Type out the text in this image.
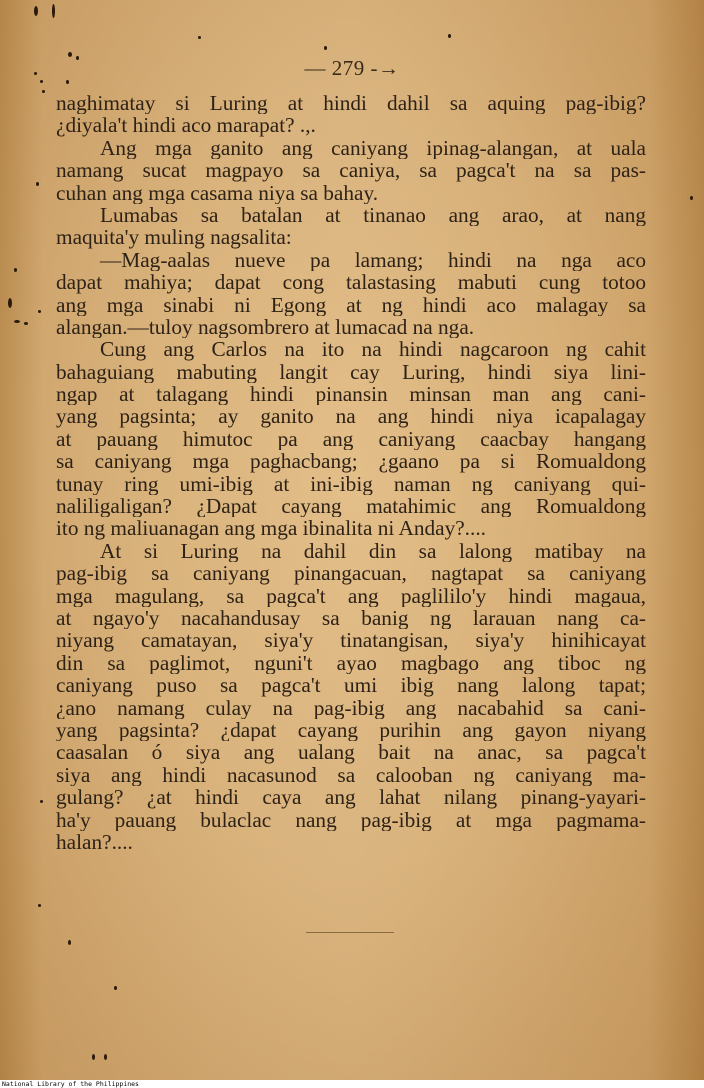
— 279 -→
naghimatay si Luring at hindi dahil sa aquing pag-ibig?
¿diyala't hindi aco marapat? .,.
Ang mga ganito ang caniyang ipinag-alangan, at uala
namang sucat magpayo sa caniya, sa pagca't na sa pas-
cuhan ang mga casama niya sa bahay.
Lumabas sa batalan at tinanao ang arao, at nang
maquita'y muling nagsalita:
—Mag-aalas nueve pa lamang; hindi na nga aco
dapat mahiya; dapat cong talastasing mabuti cung totoo
ang mga sinabi ni Egong at ng hindi aco malagay sa
alangan.—tuloy nagsombrero at lumacad na nga.
Cung ang Carlos na ito na hindi nagcaroon ng cahit
bahaguiang mabuting langit cay Luring, hindi siya lini-
ngap at talagang hindi pinansin minsan man ang cani-
yang pagsinta; ay ganito na ang hindi niya icapalagay
at pauang himutoc pa ang caniyang caacbay hangang
sa caniyang mga paghacbang; ¿gaano pa si Romualdong
tunay ring umi-ibig at ini-ibig naman ng caniyang qui-
naliligaligan? ¿Dapat cayang matahimic ang Romualdong
ito ng maliuanagan ang mga ibinalita ni Anday?....
At si Luring na dahil din sa lalong matibay na
pag-ibig sa caniyang pinangacuan, nagtapat sa caniyang
mga magulang, sa pagca't ang paglililo'y hindi magaua,
at ngayo'y nacahandusay sa banig ng larauan nang ca-
niyang camatayan, siya'y tinatangisan, siya'y hinihicayat
din sa paglimot, nguni't ayao magbago ang tiboc ng
caniyang puso sa pagca't umi ibig nang lalong tapat;
¿ano namang culay na pag-ibig ang nacabahid sa cani-
yang pagsinta? ¿dapat cayang purihin ang gayon niyang
caasalan ó siya ang ualang bait na anac, sa pagca't
siya ang hindi nacasunod sa calooban ng caniyang ma-
gulang? ¿at hindi caya ang lahat nilang pinang-yayari-
ha'y pauang bulaclac nang pag-ibig at mga pagmama-
halan?....
National Library of the Philippines
